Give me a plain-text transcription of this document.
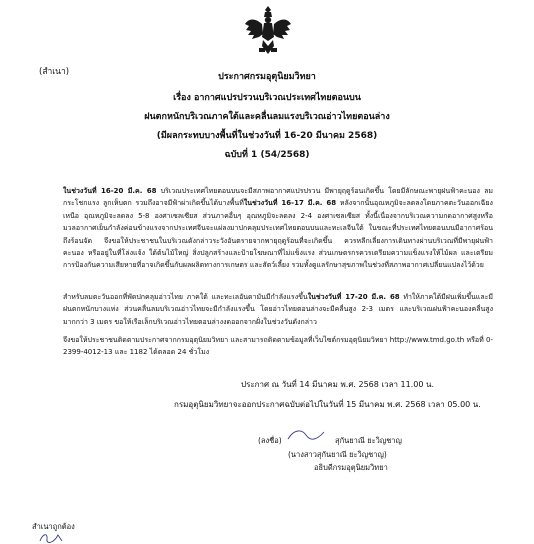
(สำเนา)	ประกาศกรมอุตุนิยมวิทยา
เรื่อง อากาศแปรปรวนบริเวณประเทศไทยตอนบน
ฝนตกหนักบริเวณภาคใต้และคลื่นลมแรงบริเวณอ่าวไทยตอนล่าง
(มีผลกระทบบางพื้นที่ในช่วงวันที่ 16-20 มีนาคม 2568)
ฉบับที่ 1 (54/2568)
ในช่วงวันที่ 16-20 มี.ค. 68 บริเวณประเทศไทยตอนบนจะมีสภาพอากาศแปรปรวน มีพายุฤดูร้อนเกิดขึ้น โดยมีลักษณะพายุฝนฟ้าคะนอง ลมกระโชกแรง ลูกเห็บตก รวมถึงอาจมีฟ้าผ่าเกิดขึ้นได้บางพื้นที่ในช่วงวันที่ 16-17 มี.ค. 68 หลังจากนั้นอุณหภูมิจะลดลงโดยภาคตะวันออกเฉียงเหนือ อุณหภูมิจะลดลง 5-8 องศาเซลเซียส ส่วนภาคอื่นๆ อุณหภูมิจะลดลง 2-4 องศาเซลเซียส ทั้งนี้เนื่องจากบริเวณความกดอากาศสูงหรือมวลอากาศเย็นกำลังค่อนข้างแรงจากประเทศจีนจะแผ่ลงมาปกคลุมประเทศไทยตอนบนและทะเลจีนใต้ ในขณะที่ประเทศไทยตอนบนมีอากาศร้อนถึงร้อนจัด จึงขอให้ประชาชนในบริเวณดังกล่าวระวังอันตรายจากพายุฤดูร้อนที่จะเกิดขึ้น ควรหลีกเลี่ยงการเดินทางผ่านบริเวณที่มีพายุฝนฟ้าคะนอง หรืออยู่ในที่โล่งแจ้ง ใต้ต้นไม้ใหญ่ สิ่งปลูกสร้างและป้ายโฆษณาที่ไม่แข็งแรง ส่วนเกษตรกรควรเตรียมความแข็งแรงให้ไม้ผล และเตรียมการป้องกันความเสียหายที่อาจเกิดขึ้นกับผลผลิตทางการเกษตร และสัตว์เลี้ยง รวมทั้งดูแลรักษาสุขภาพในช่วงที่สภาพอากาศเปลี่ยนแปลงไว้ด้วย
สำหรับลมตะวันออกที่พัดปกคลุมอ่าวไทย ภาคใต้ และทะเลอันดามันมีกำลังแรงขึ้นในช่วงวันที่ 17-20 มี.ค. 68 ทำให้ภาคใต้มีฝนเพิ่มขึ้นและมีฝนตกหนักบางแห่ง ส่วนคลื่นลมบริเวณอ่าวไทยจะมีกำลังแรงขึ้น โดยอ่าวไทยตอนล่างจะมีคลื่นสูง 2-3 เมตร และบริเวณฝนฟ้าคะนองคลื่นสูงมากกว่า 3 เมตร ขอให้เรือเล็กบริเวณอ่าวไทยตอนล่างงดออกจากฝั่งในช่วงวันดังกล่าว
จึงขอให้ประชาชนติดตามประกาศจากกรมอุตุนิยมวิทยา และสามารถติดตามข้อมูลที่เว็บไซต์กรมอุตุนิยมวิทยา http://www.tmd.go.th หรือที่ 0-2399-4012-13 และ 1182 ได้ตลอด 24 ชั่วโมง
ประกาศ ณ วันที่ 14 มีนาคม พ.ศ. 2568 เวลา 11.00 น.
กรมอุตุนิยมวิทยาจะออกประกาศฉบับต่อไปในวันที่ 15 มีนาคม พ.ศ. 2568 เวลา 05.00 น.
(ลงชื่อ)	สุกันยาณี ยะวิญชาญ
(นางสาวสุกันยาณี ยะวิญชาญ)
อธิบดีกรมอุตุนิยมวิทยา
สำเนาถูกต้อง
